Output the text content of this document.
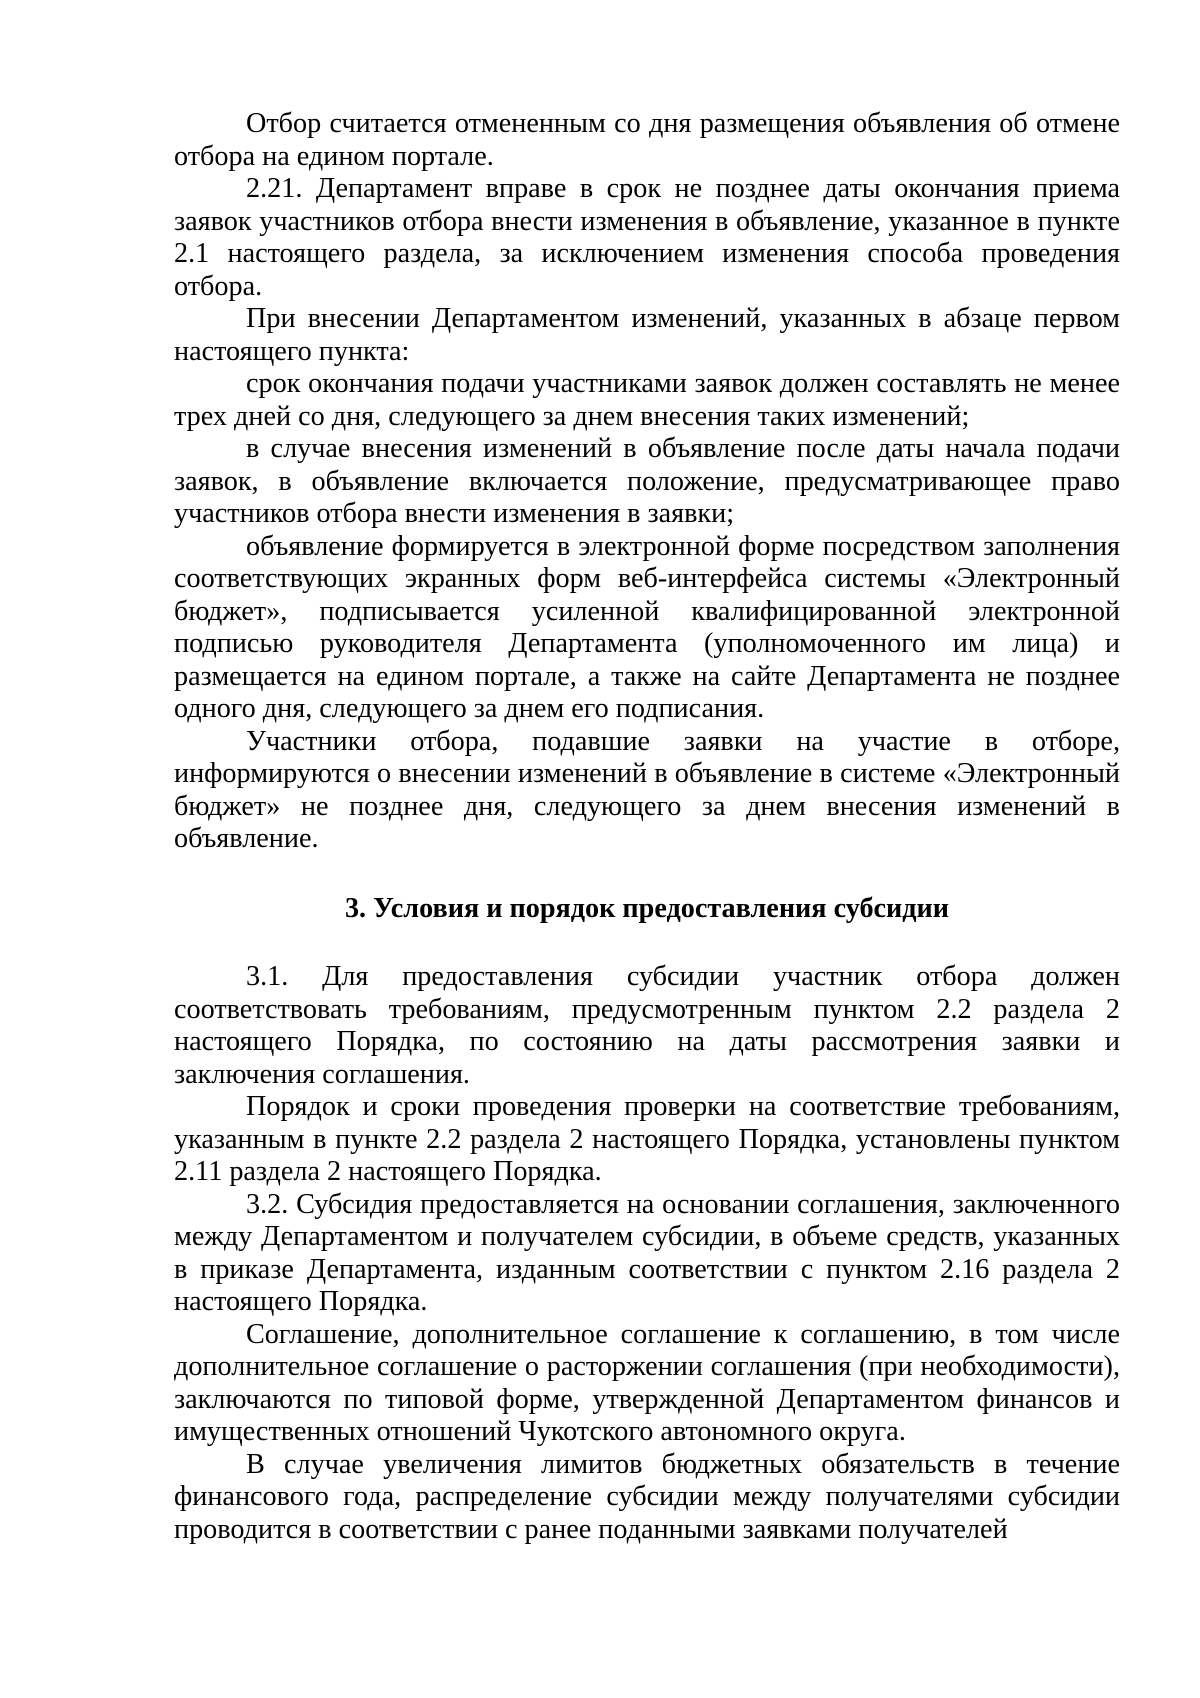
Отбор считается отмененным со дня размещения объявления об отмене отбора на едином портале.

2.21. Департамент вправе в срок не позднее даты окончания приема заявок участников отбора внести изменения в объявление, указанное в пункте 2.1 настоящего раздела, за исключением изменения способа проведения отбора.

При внесении Департаментом изменений, указанных в абзаце первом настоящего пункта:

срок окончания подачи участниками заявок должен составлять не менее трех дней со дня, следующего за днем внесения таких изменений;

в случае внесения изменений в объявление после даты начала подачи заявок, в объявление включается положение, предусматривающее право участников отбора внести изменения в заявки;

объявление формируется в электронной форме посредством заполнения соответствующих экранных форм веб-интерфейса системы «Электронный бюджет», подписывается усиленной квалифицированной электронной подписью руководителя Департамента (уполномоченного им лица) и размещается на едином портале, а также на сайте Департамента не позднее одного дня, следующего за днем его подписания.

Участники отбора, подавшие заявки на участие в отборе, информируются о внесении изменений в объявление в системе «Электронный бюджет» не позднее дня, следующего за днем внесения изменений в объявление.

3. Условия и порядок предоставления субсидии

3.1. Для предоставления субсидии участник отбора должен соответствовать требованиям, предусмотренным пунктом 2.2 раздела 2 настоящего Порядка, по состоянию на даты рассмотрения заявки и заключения соглашения.

Порядок и сроки проведения проверки на соответствие требованиям, указанным в пункте 2.2 раздела 2 настоящего Порядка, установлены пунктом 2.11 раздела 2 настоящего Порядка.

3.2. Субсидия предоставляется на основании соглашения, заключенного между Департаментом и получателем субсидии, в объеме средств, указанных в приказе Департамента, изданным соответствии с пунктом 2.16 раздела 2 настоящего Порядка.

Соглашение, дополнительное соглашение к соглашению, в том числе дополнительное соглашение о расторжении соглашения (при необходимости), заключаются по типовой форме, утвержденной Департаментом финансов и имущественных отношений Чукотского автономного округа.

В случае увеличения лимитов бюджетных обязательств в течение финансового года, распределение субсидии между получателями субсидии проводится в соответствии с ранее поданными заявками получателей
